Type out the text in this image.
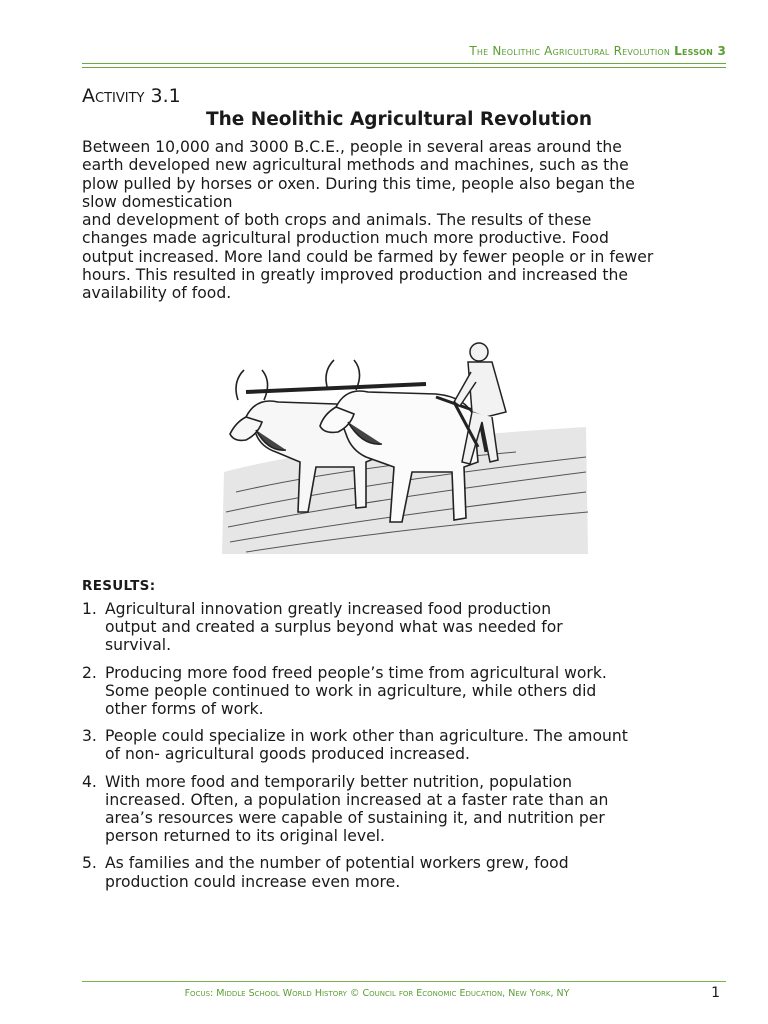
The Neolithic Agricultural Revolution Lesson 3
Activity 3.1
The Neolithic Agricultural Revolution

Between 10,000 and 3000 B.C.E., people in several areas around the
earth developed new agricultural methods and machines, such as the
plow pulled by horses or oxen. During this time, people also began the
slow domestication
and development of both crops and animals. The results of these
changes made agricultural production much more productive. Food
output increased. More land could be farmed by fewer people or in fewer
hours. This resulted in greatly improved production and increased the
availability of food.

RESULTS:
1. Agricultural innovation greatly increased food production
output and created a surplus beyond what was needed for
survival.
2. Producing more food freed people’s time from agricultural work.
Some people continued to work in agriculture, while others did
other forms of work.
3. People could specialize in work other than agriculture. The amount
of non- agricultural goods produced increased.
4. With more food and temporarily better nutrition, population
increased. Often, a population increased at a faster rate than an
area’s resources were capable of sustaining it, and nutrition per
person returned to its original level.
5. As families and the number of potential workers grew, food
production could increase even more.
Focus: Middle School World History © Council for Economic Education, New York, NY	1
